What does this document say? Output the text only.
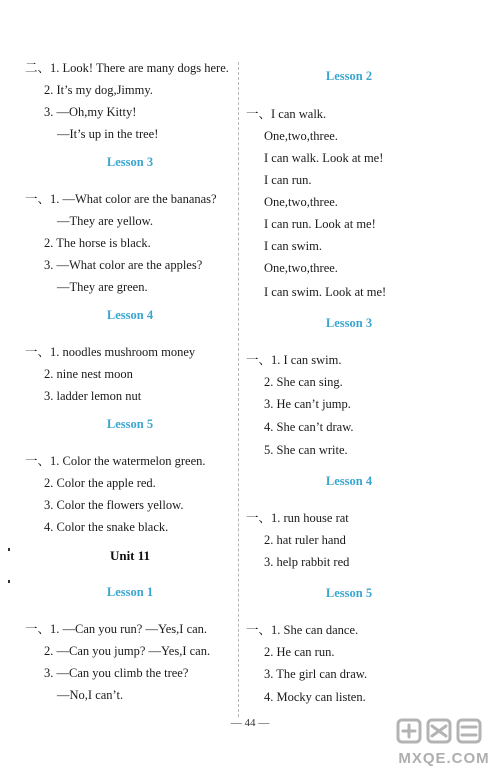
二、1. Look! There are many dogs here.
2. It’s my dog,Jimmy.
3. —Oh,my Kitty!
—It’s up in the tree!
Lesson 3
一、1. —What color are the bananas?
—They are yellow.
2. The horse is black.
3. —What color are the apples?
—They are green.
Lesson 4
一、1. noodles mushroom money
2. nine nest moon
3. ladder lemon nut
Lesson 5
一、1. Color the watermelon green.
2. Color the apple red.
3. Color the flowers yellow.
4. Color the snake black.
Unit 11
Lesson 1
一、1. —Can you run? —Yes,I can.
2. —Can you jump? —Yes,I can.
3. —Can you climb the tree?
—No,I can’t.
Lesson 2
一、I can walk.
One,two,three.
I can walk. Look at me!
I can run.
One,two,three.
I can run. Look at me!
I can swim.
One,two,three.
I can swim. Look at me!
Lesson 3
一、1. I can swim.
2. She can sing.
3. He can’t jump.
4. She can’t draw.
5. She can write.
Lesson 4
一、1. run house rat
2. hat ruler hand
3. help rabbit red
Lesson 5
一、1. She can dance.
2. He can run.
3. The girl can draw.
4. Mocky can listen.
— 44 —
MXQE.COM
